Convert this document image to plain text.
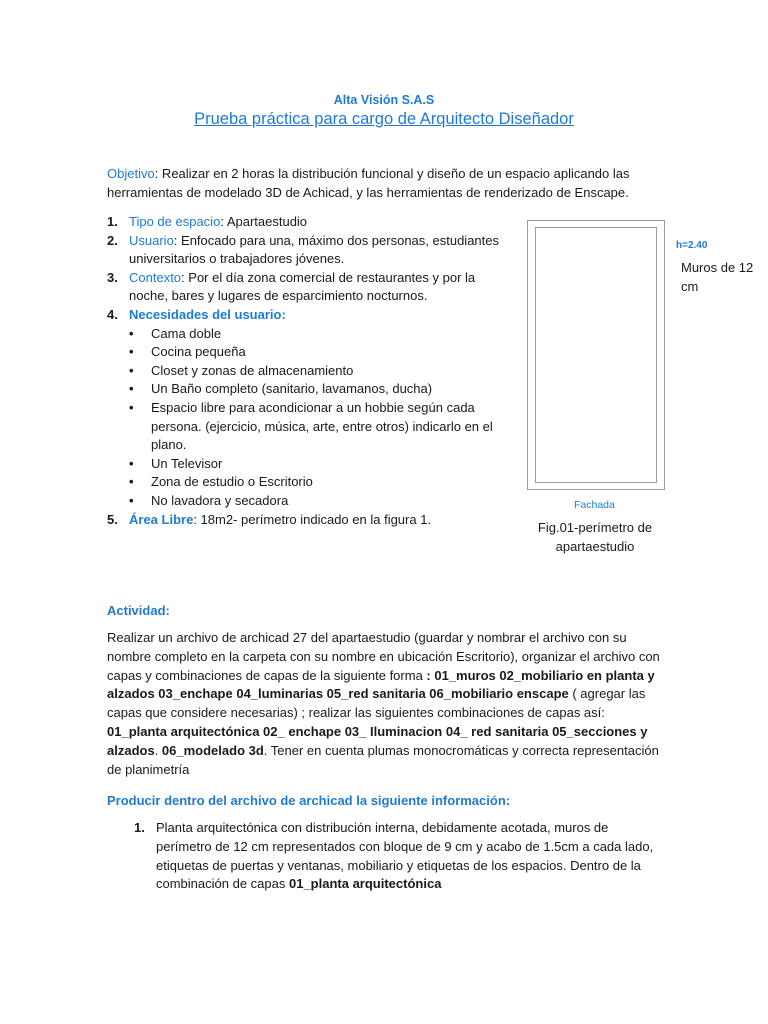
Alta Visión S.A.S
Prueba práctica para cargo de Arquitecto Diseñador
Objetivo: Realizar en 2 horas la distribución funcional y diseño de un espacio aplicando las herramientas de modelado 3D de Achicad, y las herramientas de renderizado de Enscape.
1. Tipo de espacio: Apartaestudio
2. Usuario: Enfocado para una, máximo dos personas, estudiantes universitarios o trabajadores jóvenes.
3. Contexto: Por el día zona comercial de restaurantes y por la noche, bares y lugares de esparcimiento nocturnos.
4. Necesidades del usuario:
• Cama doble
• Cocina pequeña
• Closet y zonas de almacenamiento
• Un Baño completo (sanitario, lavamanos, ducha)
• Espacio libre para acondicionar a un hobbie según cada persona. (ejercicio, música, arte, entre otros) indicarlo en el plano.
• Un Televisor
• Zona de estudio o Escritorio
• No lavadora y secadora
5. Área Libre: 18m2- perímetro indicado en la figura 1.
h=2.40
Muros de 12 cm
Fachada
Fig.01-perímetro de apartaestudio
Actividad:
Realizar un archivo de archicad 27 del apartaestudio (guardar y nombrar el archivo con su nombre completo en la carpeta con su nombre en ubicación Escritorio), organizar el archivo con capas y combinaciones de capas de la siguiente forma : 01_muros 02_mobiliario en planta y alzados 03_enchape 04_luminarias 05_red sanitaria 06_mobiliario enscape ( agregar las capas que considere necesarias) ; realizar las siguientes combinaciones de capas así: 01_planta arquitectónica 02_ enchape 03_ Iluminacion 04_ red sanitaria 05_secciones y alzados. 06_modelado 3d. Tener en cuenta plumas monocromáticas y correcta representación de planimetría
Producir dentro del archivo de archicad la siguiente información:
1. Planta arquitectónica con distribución interna, debidamente acotada, muros de perímetro de 12 cm representados con bloque de 9 cm y acabo de 1.5cm a cada lado, etiquetas de puertas y ventanas, mobiliario y etiquetas de los espacios. Dentro de la combinación de capas 01_planta arquitectónica
